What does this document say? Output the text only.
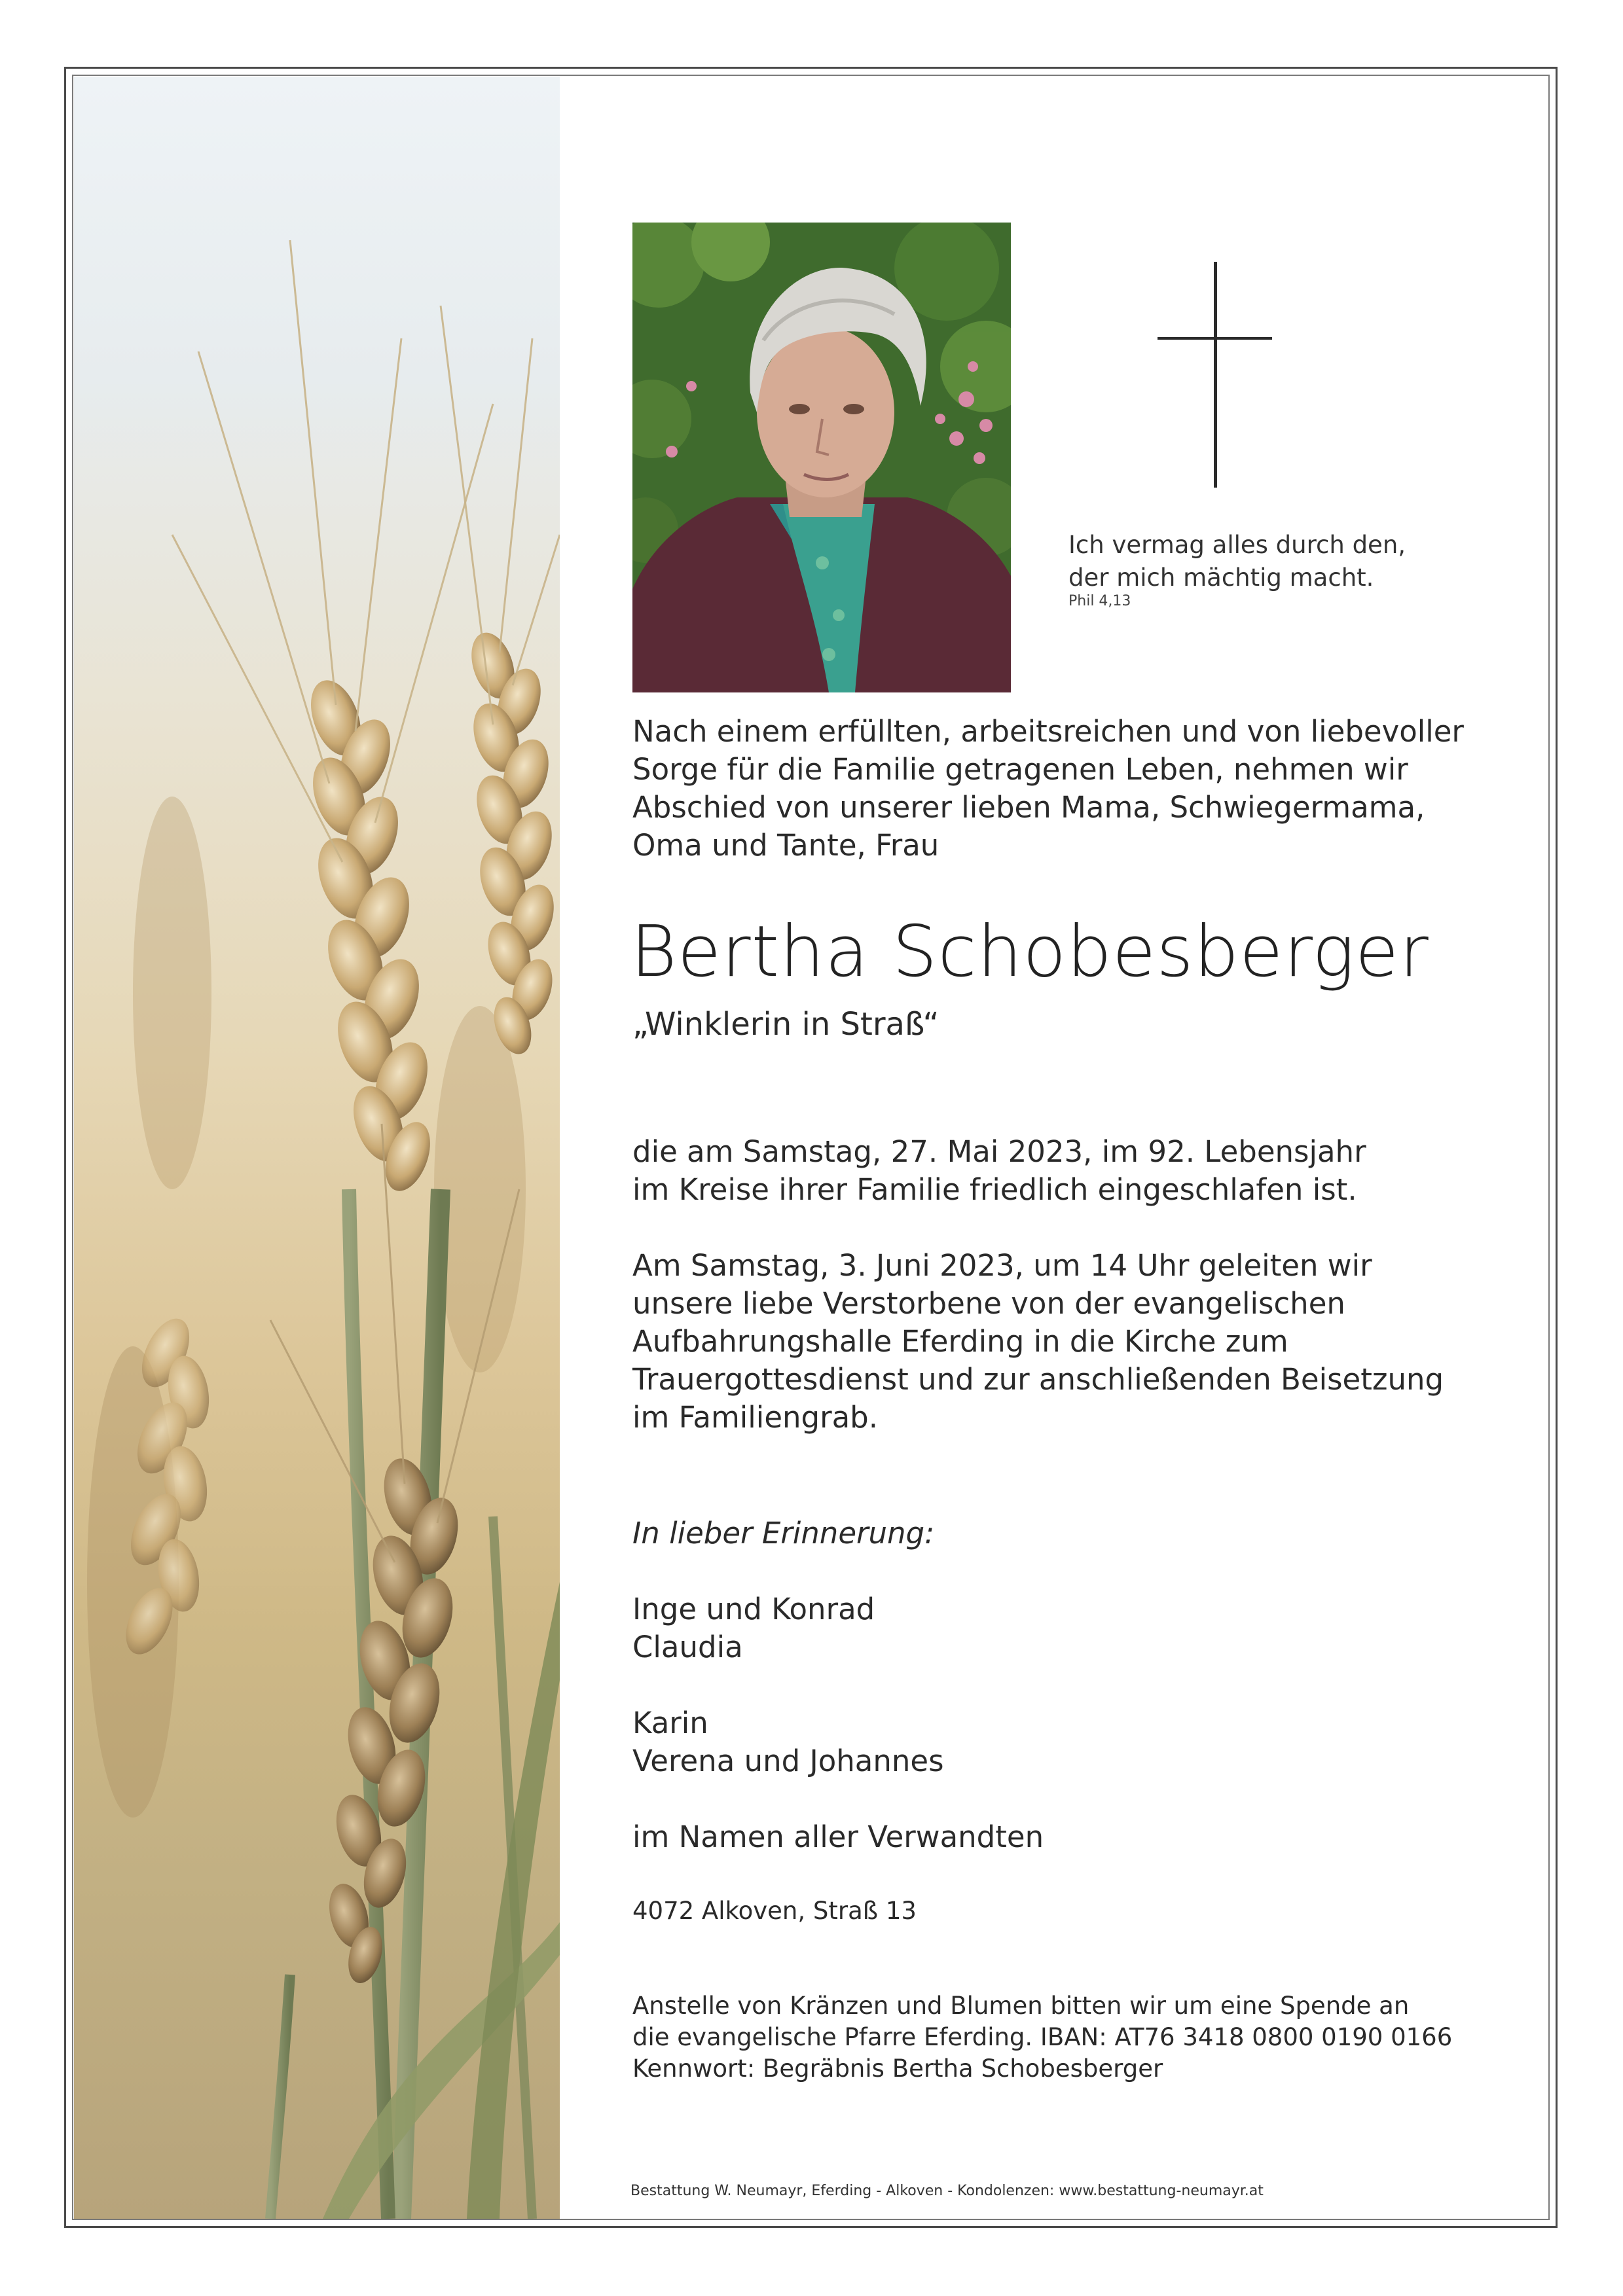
Ich vermag alles durch den,
der mich mächtig macht.
Phil 4,13
Nach einem erfüllten, arbeitsreichen und von liebevoller
Sorge für die Familie getragenen Leben, nehmen wir
Abschied von unserer lieben Mama, Schwiegermama,
Oma und Tante, Frau
Bertha Schobesberger
„Winklerin in Straß“
die am Samstag, 27. Mai 2023, im 92. Lebensjahr
im Kreise ihrer Familie friedlich eingeschlafen ist.
Am Samstag, 3. Juni 2023, um 14 Uhr geleiten wir
unsere liebe Verstorbene von der evangelischen
Aufbahrungshalle Eferding in die Kirche zum
Trauergottesdienst und zur anschließenden Beisetzung
im Familiengrab.
In lieber Erinnerung:
Inge und Konrad
Claudia
Karin
Verena und Johannes
im Namen aller Verwandten
4072 Alkoven, Straß 13
Anstelle von Kränzen und Blumen bitten wir um eine Spende an
die evangelische Pfarre Eferding. IBAN: AT76 3418 0800 0190 0166
Kennwort: Begräbnis Bertha Schobesberger
Bestattung W. Neumayr, Eferding - Alkoven - Kondolenzen: www.bestattung-neumayr.at
